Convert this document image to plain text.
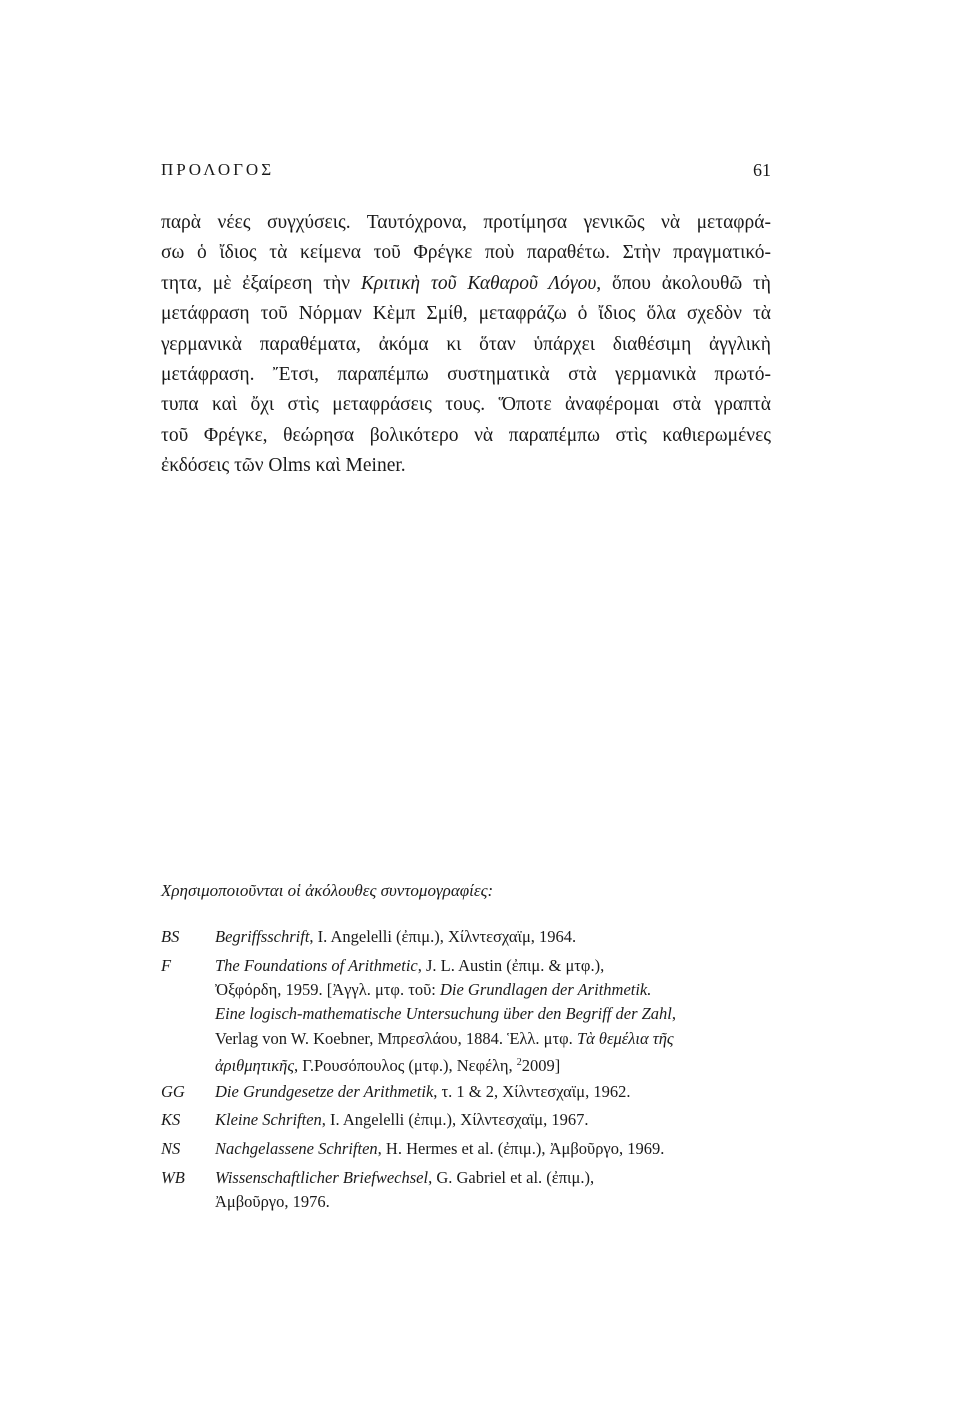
ΠΡΟΛΟΓΟΣ	61
παρὰ νέες συγχύσεις. Ταυτόχρονα, προτίμησα γενικῶς νὰ μεταφρά-
σω ὁ ἴδιος τὰ κείμενα τοῦ Φρέγκε ποὺ παραθέτω. Στὴν πραγματικό-
τητα, μὲ ἐξαίρεση τὴν Κριτικὴ τοῦ Καθαροῦ Λόγου, ὅπου ἀκολουθῶ τὴ
μετάφραση τοῦ Νόρμαν Κὲμπ Σμίθ, μεταφράζω ὁ ἴδιος ὅλα σχεδὸν τὰ
γερμανικὰ παραθέματα, ἀκόμα κι ὅταν ὑπάρχει διαθέσιμη ἀγγλικὴ
μετάφραση. Ἔτσι, παραπέμπω συστηματικὰ στὰ γερμανικὰ πρωτό-
τυπα καὶ ὄχι στὶς μεταφράσεις τους. Ὅποτε ἀναφέρομαι στὰ γραπτὰ
τοῦ Φρέγκε, θεώρησα βολικότερο νὰ παραπέμπω στὶς καθιερωμένες
ἐκδόσεις τῶν Olms καὶ Meiner.
Χρησιμοποιοῦνται οἱ ἀκόλουθες συντομογραφίες:
BS	Begriffsschrift, I. Angelelli (ἐπιμ.), Χίλντεσχαϊμ, 1964.
F	The Foundations of Arithmetic, J. L. Austin (ἐπιμ. & μτφ.),
Ὀξφόρδη, 1959. [Ἀγγλ. μτφ. τοῦ: Die Grundlagen der Arithmetik.
Eine logisch-mathematische Untersuchung über den Begriff der Zahl,
Verlag von W. Koebner, Μπρεσλάου, 1884. Ἑλλ. μτφ. Τὰ θεμέλια τῆς
ἀριθμητικῆς, Γ.Ρουσόπουλος (μτφ.), Νεφέλη, $^2$2009]
GG	Die Grundgesetze der Arithmetik, τ. 1 & 2, Χίλντεσχαϊμ, 1962.
KS	Kleine Schriften, I. Angelelli (ἐπιμ.), Χίλντεσχαϊμ, 1967.
NS	Nachgelassene Schriften, H. Hermes et al. (ἐπιμ.), Ἀμβοῦργο, 1969.
WB	Wissenschaftlicher Briefwechsel, G. Gabriel et al. (ἐπιμ.),
Ἀμβοῦργο, 1976.
